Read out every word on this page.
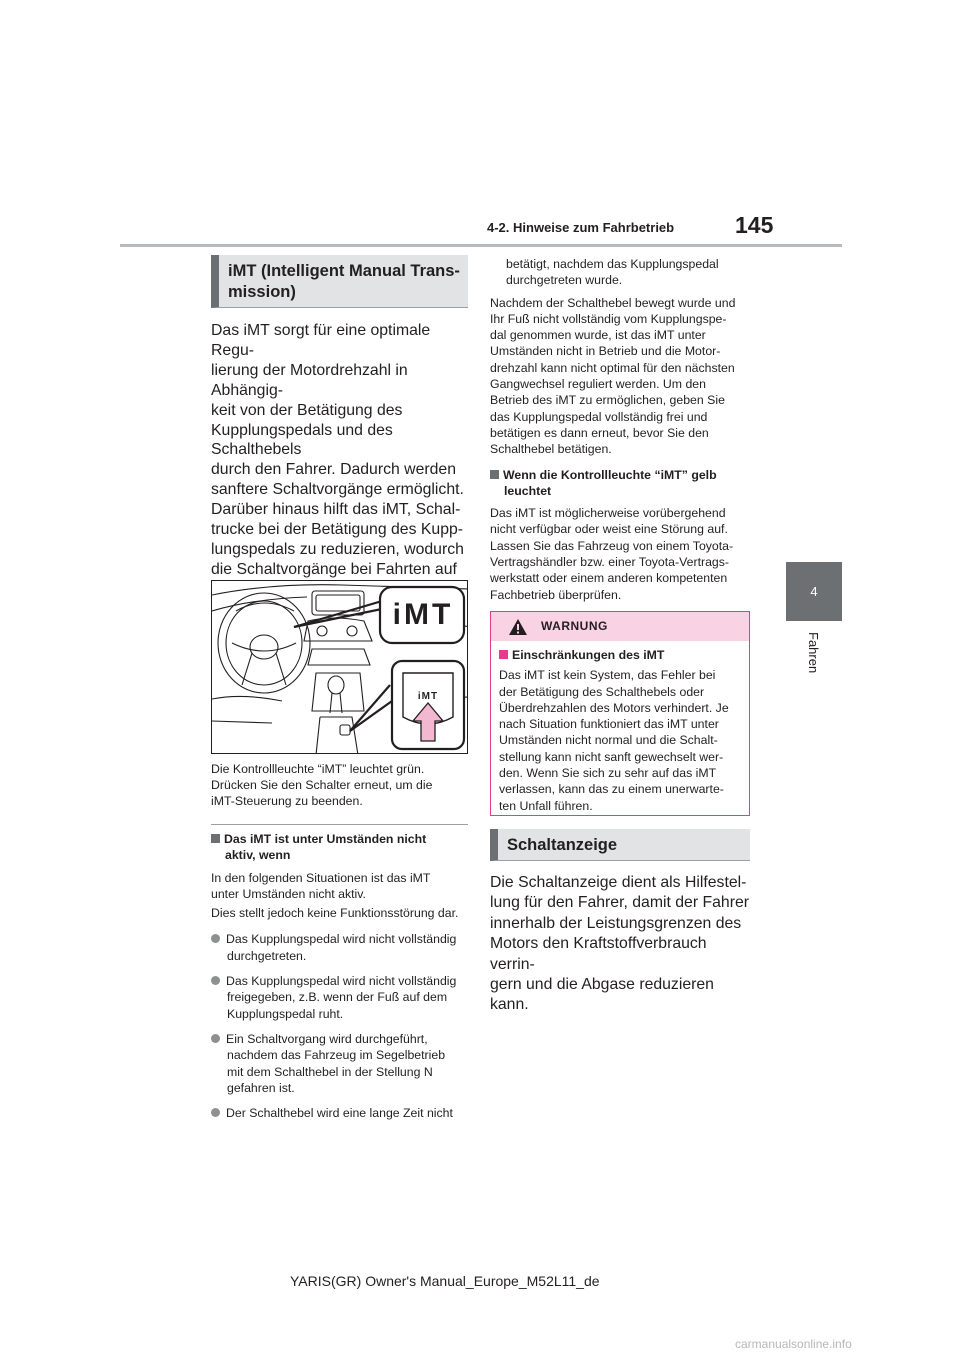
4-2. Hinweise zum Fahrbetrieb	145
4
Fahren
iMT (Intelligent Manual Trans-
mission)

Das iMT sorgt für eine optimale Regu-

lierung der Motordrehzahl in Abhängig-

keit von der Betätigung des

Kupplungspedals und des Schalthebels

durch den Fahrer. Dadurch werden

sanftere Schaltvorgänge ermöglicht.

Darüber hinaus hilft das iMT, Schal-

trucke bei der Betätigung des Kupp-

lungspedals zu reduzieren, wodurch

die Schaltvorgänge bei Fahrten auf

iMT
iMT

Die Kontrollleuchte “iMT” leuchtet grün.

Drücken Sie den Schalter erneut, um die

iMT-Steuerung zu beenden.

Das iMT ist unter Umständen nicht
aktiv, wenn

In den folgenden Situationen ist das iMT

unter Umständen nicht aktiv.

Dies stellt jedoch keine Funktionsstörung dar.

Das Kupplungspedal wird nicht vollständig
durchgetreten.
Das Kupplungspedal wird nicht vollständig
freigegeben, z.B. wenn der Fuß auf dem
Kupplungspedal ruht.
Ein Schaltvorgang wird durchgeführt,
nachdem das Fahrzeug im Segelbetrieb
mit dem Schalthebel in der Stellung N
gefahren ist.
Der Schalthebel wird eine lange Zeit nicht

betätigt, nachdem das Kupplungspedal

durchgetreten wurde.

Nachdem der Schalthebel bewegt wurde und

Ihr Fuß nicht vollständig vom Kupplungspe-

dal genommen wurde, ist das iMT unter

Umständen nicht in Betrieb und die Motor-

drehzahl kann nicht optimal für den nächsten

Gangwechsel reguliert werden. Um den

Betrieb des iMT zu ermöglichen, geben Sie

das Kupplungspedal vollständig frei und

betätigen es dann erneut, bevor Sie den

Schalthebel betätigen.

Wenn die Kontrollleuchte “iMT” gelb
leuchtet

Das iMT ist möglicherweise vorübergehend

nicht verfügbar oder weist eine Störung auf.

Lassen Sie das Fahrzeug von einem Toyota-

Vertragshändler bzw. einer Toyota-Vertrags-

werkstatt oder einem anderen kompetenten

Fachbetrieb überprüfen.

WARNUNG
Einschränkungen des iMT

Das iMT ist kein System, das Fehler bei

der Betätigung des Schalthebels oder

Überdrehzahlen des Motors verhindert. Je

nach Situation funktioniert das iMT unter

Umständen nicht normal und die Schalt-

stellung kann nicht sanft gewechselt wer-

den. Wenn Sie sich zu sehr auf das iMT

verlassen, kann das zu einem unerwarte-

ten Unfall führen.

Schaltanzeige

Die Schaltanzeige dient als Hilfestel-

lung für den Fahrer, damit der Fahrer

innerhalb der Leistungsgrenzen des

Motors den Kraftstoffverbrauch verrin-

gern und die Abgase reduzieren kann.

YARIS(GR) Owner's Manual_Europe_M52L11_de
carmanualsonline.info
